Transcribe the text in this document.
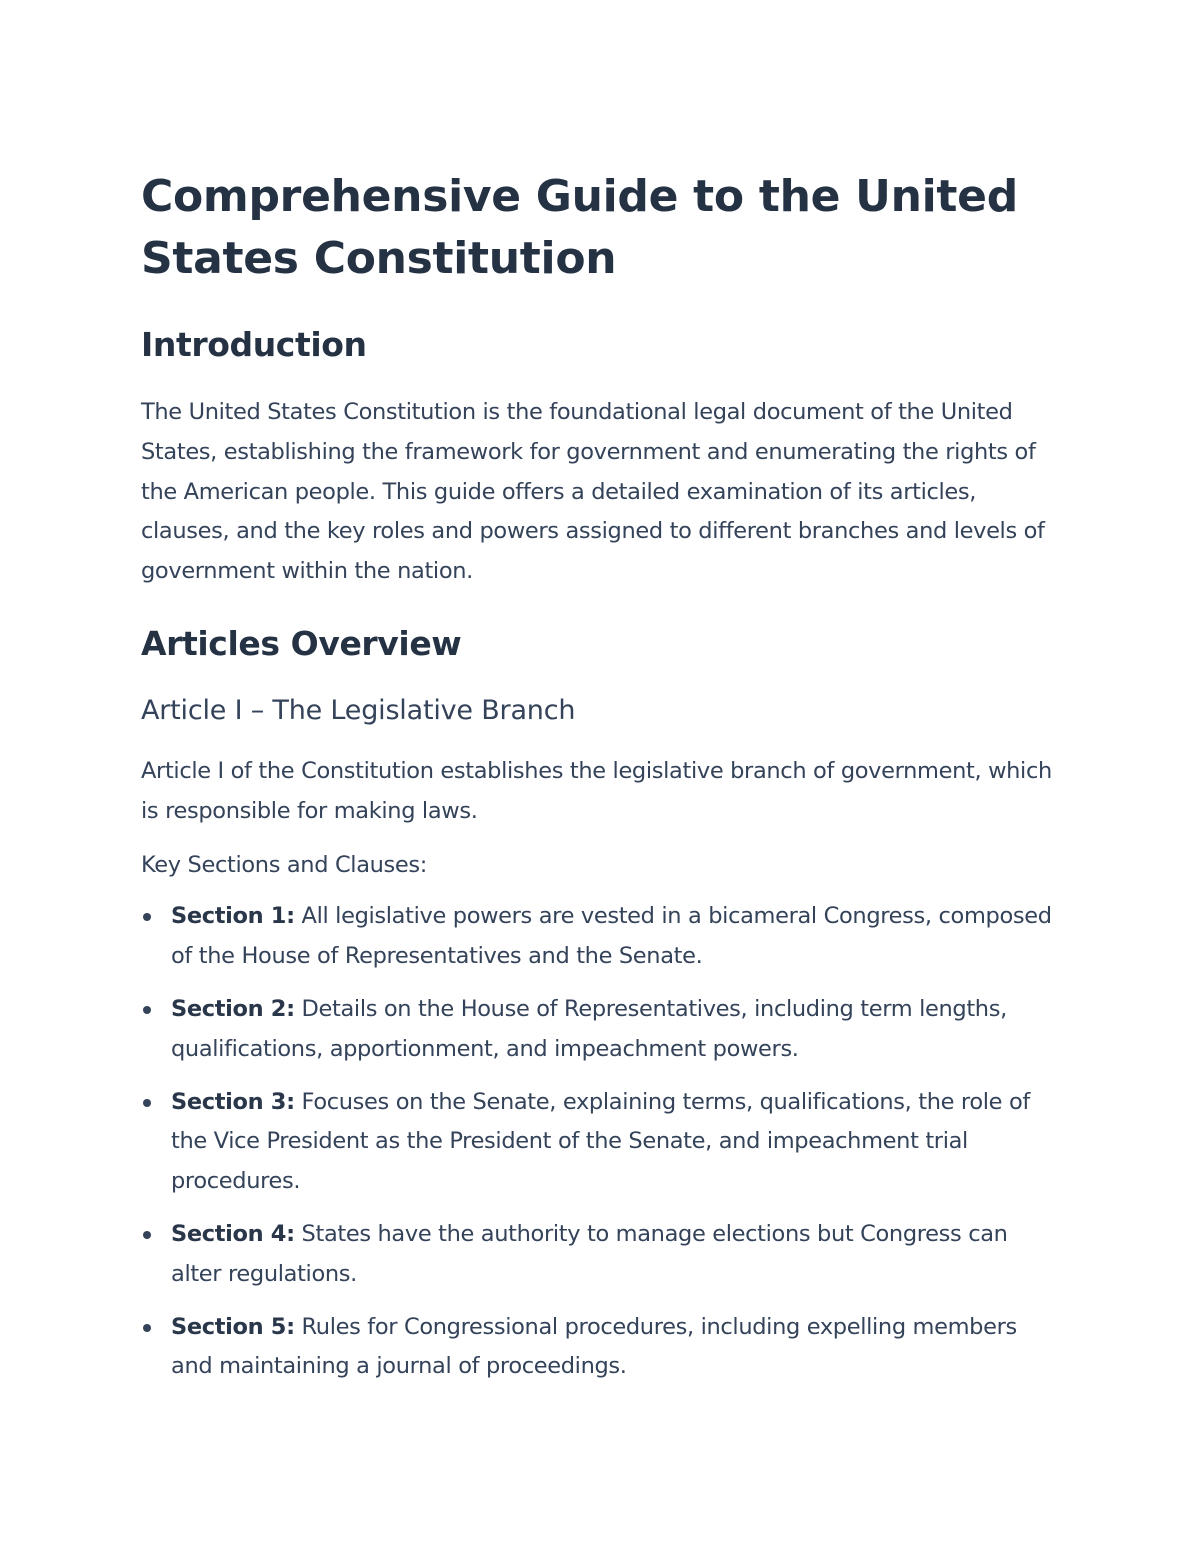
Comprehensive Guide to the United States Constitution
Introduction

The United States Constitution is the foundational legal document of the United States, establishing the framework for government and enumerating the rights of the American people. This guide offers a detailed examination of its articles, clauses, and the key roles and powers assigned to different branches and levels of government within the nation.

Articles Overview
Article I – The Legislative Branch

Article I of the Constitution establishes the legislative branch of government, which is responsible for making laws.

Key Sections and Clauses:

Section 1: All legislative powers are vested in a bicameral Congress, composed of the House of Representatives and the Senate.
Section 2: Details on the House of Representatives, including term lengths, qualifications, apportionment, and impeachment powers.
Section 3: Focuses on the Senate, explaining terms, qualifications, the role of the Vice President as the President of the Senate, and impeachment trial procedures.
Section 4: States have the authority to manage elections but Congress can alter regulations.
Section 5: Rules for Congressional procedures, including expelling members and maintaining a journal of proceedings.
